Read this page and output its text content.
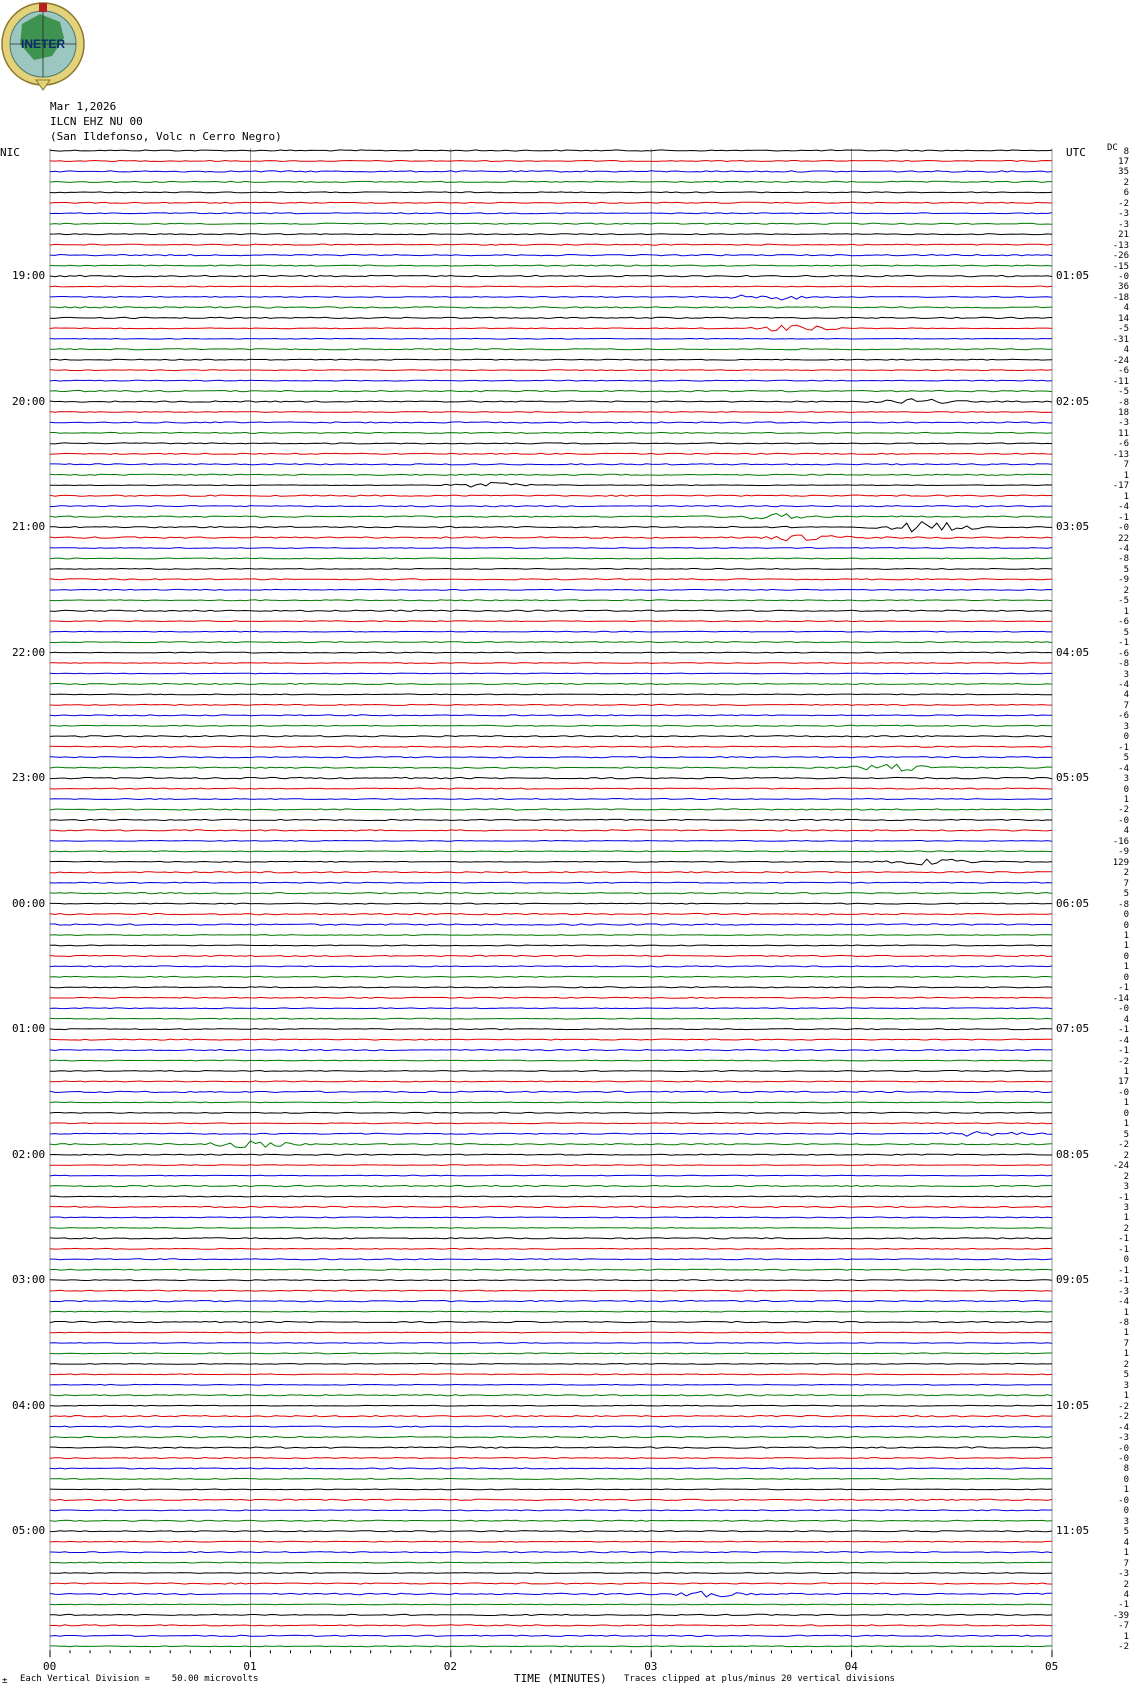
INETER
Mar 1,2026
ILCN EHZ NU 00
(San Ildefonso, Volc n Cerro Negro)
NIC	UTC DC
19:00
20:00
21:00
22:00
23:00
00:00
01:00
02:00
03:00
04:00
05:00
01:05
02:05
03:05
04:05
05:05
06:05
07:05
08:05
09:05
10:05
11:05
8
17
35
2
6
-2
-3
-3
21
-13
-26
-15
-0
36
-18
4
14
-5
-31
4
-24
-6
-11
-5
-8
18
-3
11
-6
-13
7
1
-17
1
-4
-1
-0
22
-4
-8
5
-9
2
-5
1
-6
5
-1
-6
-8
3
-4
4
7
-6
3
0
-1
5
-4
3
0
1
-2
-0
4
-16
-9
129
2
7
5
-8
0
0
1
1
0
1
0
-1
-14
-0
4
-1
-4
-1
-2
1
17
-0
1
0
1
5
-2
2
-24
2
3
-1
3
1
2
-1
-1
0
-1
-1
-3
-4
1
-8
1
7
1
2
5
3
1
-2
-2
-4
-3
-0
-0
8
0
1
-0
0
3
5
4
1
7
-3
2
4
-1
-39
-7
1
-2
00	01	02	03	04	05
± Each Vertical Division =    50.00 microvolts	TIME (MINUTES) Traces clipped at plus/minus 20 vertical divisions
